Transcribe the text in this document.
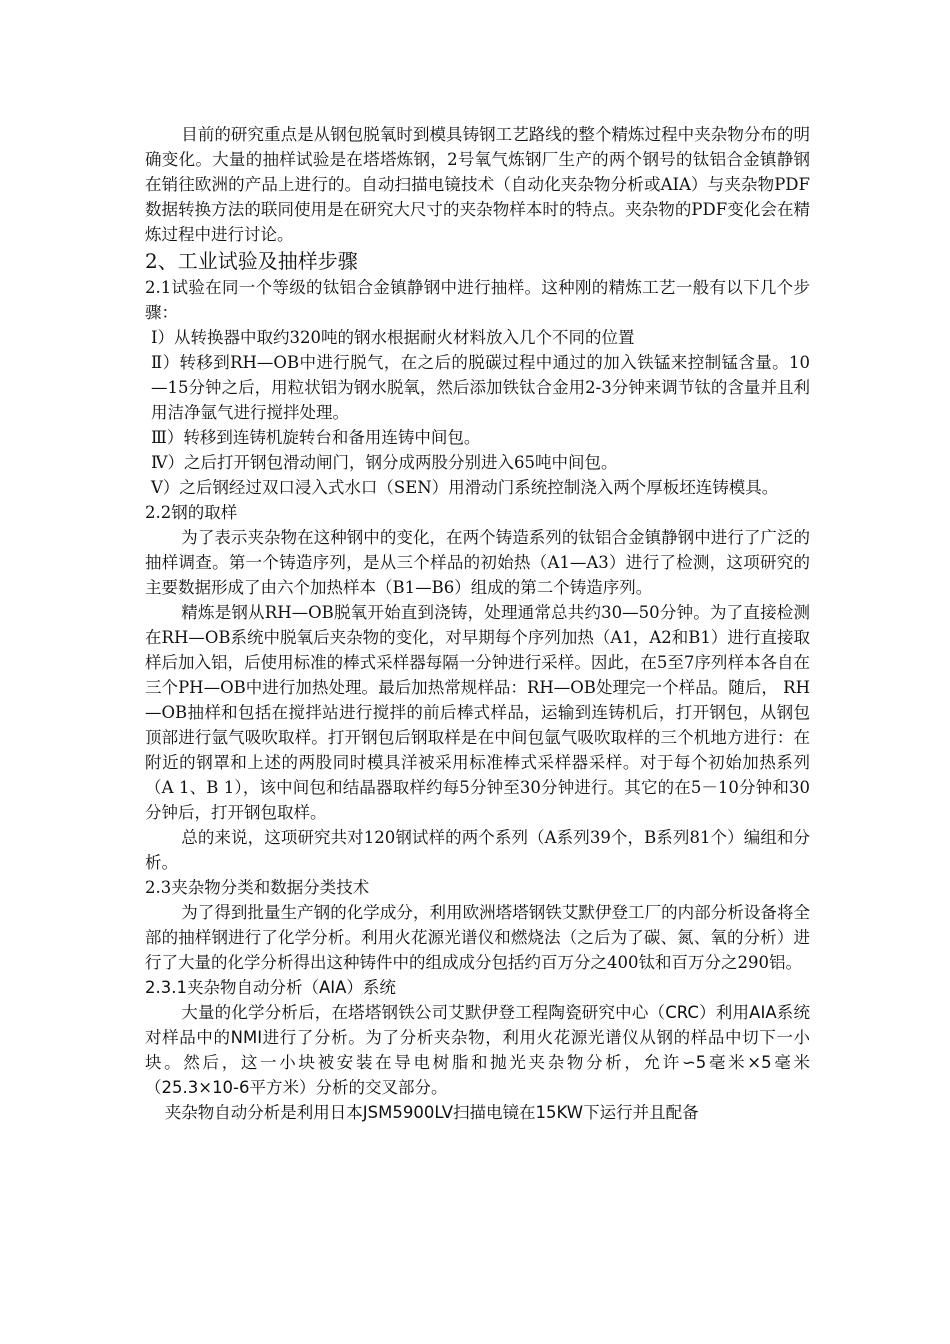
目前的研究重点是从钢包脱氧时到模具铸钢工艺路线的整个精炼过程中夹杂物分布的明确变化。大量的抽样试验是在塔塔炼钢，2号氧气炼钢厂生产的两个钢号的钛铝合金镇静钢在销往欧洲的产品上进行的。自动扫描电镜技术（自动化夹杂物分析或AIA）与夹杂物PDF数据转换方法的联同使用是在研究大尺寸的夹杂物样本时的特点。夹杂物的PDF变化会在精炼过程中进行讨论。

2、工业试验及抽样步骤

2.1试验在同一个等级的钛铝合金镇静钢中进行抽样。这种刚的精炼工艺一般有以下几个步骤：

Ⅰ）从转换器中取约320吨的钢水根据耐火材料放入几个不同的位置

Ⅱ）转移到RH—OB中进行脱气，在之后的脱碳过程中通过的加入铁锰来控制锰含量。10—15分钟之后，用粒状铝为钢水脱氧，然后添加铁钛合金用2-3分钟来调节钛的含量并且利用洁净氩气进行搅拌处理。

Ⅲ）转移到连铸机旋转台和备用连铸中间包。

Ⅳ）之后打开钢包滑动闸门，钢分成两股分别进入65吨中间包。

Ⅴ）之后钢经过双口浸入式水口（SEN）用滑动门系统控制浇入两个厚板坯连铸模具。

2.2钢的取样

为了表示夹杂物在这种钢中的变化，在两个铸造系列的钛铝合金镇静钢中进行了广泛的抽样调查。第一个铸造序列，是从三个样品的初始热（A1—A3）进行了检测，这项研究的主要数据形成了由六个加热样本（B1—B6）组成的第二个铸造序列。

精炼是钢从RH—OB脱氧开始直到浇铸，处理通常总共约30—50分钟。为了直接检测在RH—OB系统中脱氧后夹杂物的变化，对早期每个序列加热（A1，A2和B1）进行直接取样后加入铝，后使用标准的棒式采样器每隔一分钟进行采样。因此，在5至7序列样本各自在三个PH—OB中进行加热处理。最后加热常规样品：RH—OB处理完一个样品。随后， RH—OB抽样和包括在搅拌站进行搅拌的前后棒式样品，运输到连铸机后，打开钢包，从钢包顶部进行氩气吸吹取样。打开钢包后钢取样是在中间包氩气吸吹取样的三个机地方进行：在附近的钢罩和上述的两股同时模具洋被采用标准棒式采样器采样。对于每个初始加热系列（A 1、B 1），该中间包和结晶器取样约每5分钟至30分钟进行。其它的在5－10分钟和30分钟后，打开钢包取样。

总的来说，这项研究共对120钢试样的两个系列（A系列39个，B系列81个）编组和分析。

2.3夹杂物分类和数据分类技术

为了得到批量生产钢的化学成分，利用欧洲塔塔钢铁艾默伊登工厂的内部分析设备将全部的抽样钢进行了化学分析。利用火花源光谱仪和燃烧法（之后为了碳、氮、氧的分析）进行了大量的化学分析得出这种铸件中的组成成分包括约百万分之400钛和百万分之290铝。

2.3.1夹杂物自动分析（AIA）系统

大量的化学分析后，在塔塔钢铁公司艾默伊登工程陶瓷研究中心（CRC）利用AIA系统对样品中的NMI进行了分析。为了分析夹杂物，利用火花源光谱仪从钢的样品中切下一小块。然后，这一小块被安装在导电树脂和抛光夹杂物分析，允许∽5毫米×5毫米（25.3×10-6平方米）分析的交叉部分。

夹杂物自动分析是利用日本JSM5900LV扫描电镜在15KW下运行并且配备
